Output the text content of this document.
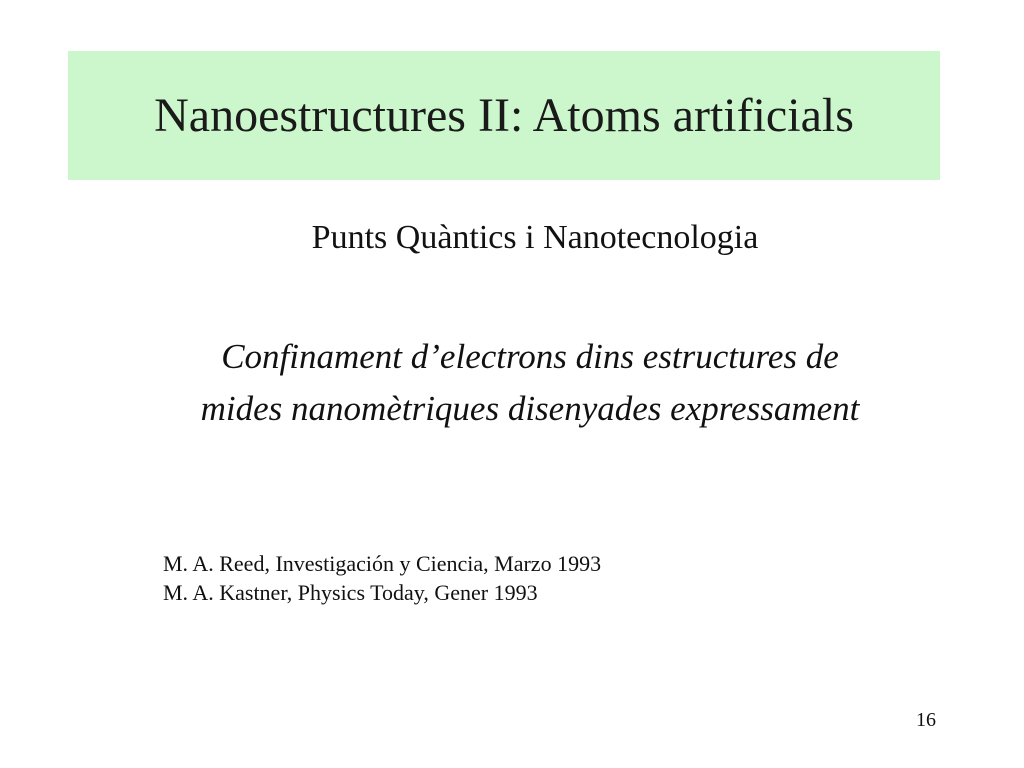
Nanoestructures II: Atoms artificials
Punts Quàntics i Nanotecnologia
Confinament d’electrons dins estructures de
mides nanomètriques disenyades expressament
M. A. Reed, Investigación y Ciencia, Marzo 1993
M. A. Kastner, Physics Today, Gener 1993
16
